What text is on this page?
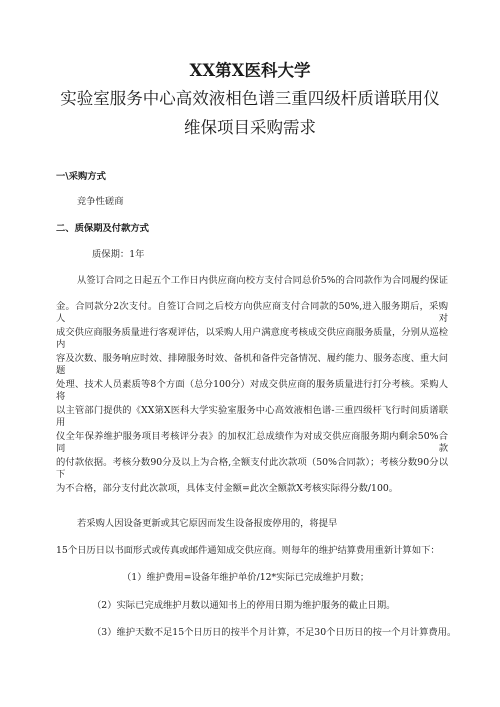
XX第X医科大学
实验室服务中心高效液相色谱三重四级杆质谱联用仪
维保项目采购需求
一\采购方式
竞争性磋商
二、质保期及付款方式
质保期：1年
从签订合同之日起五个工作日内供应商向校方支付合同总价5%的合同款作为合同履约保证
金。合同款分2次支付。自签订合同之后校方向供应商支付合同款的50%,进入服务期后，采购人对
成交供应商服务质量进行客观评估，以采购人用户满意度考核成交供应商服务质量，分别从巡检内
容及次数、服务响应时效、排障服务时效、备机和备件完备情况、履约能力、服务态度、重大问题
处理、技术人员素质等8个方面（总分100分）对成交供应商的服务质量进行打分考核。采购人将
以主管部门提供的《XX第X医科大学实验室服务中心高效液相色谱-三重四级杆飞行时间质谱联用
仪全年保养维护服务项目考核评分表》的加权汇总成绩作为对成交供应商服务期内剩余50%合同款
的付款依据。考核分数90分及以上为合格,全额支付此次款项（50%合同款）；考核分数90分以下
为不合格，部分支付此次款项，具体支付金额=此次全额款X考核实际得分数/100。
若采购人因设备更新或其它原因而发生设备报废停用的，将提早
15个日历日以书面形式或传真或邮件通知成交供应商。则每年的维护结算费用重新计算如下：
（1）维护费用=设备年维护单价/12*实际已完成维护月数；
（2）实际已完成维护月数以通知书上的停用日期为维护服务的截止日期。
（3）维护天数不足15个日历日的按半个月计算，不足30个日历日的按一个月计算费用。
